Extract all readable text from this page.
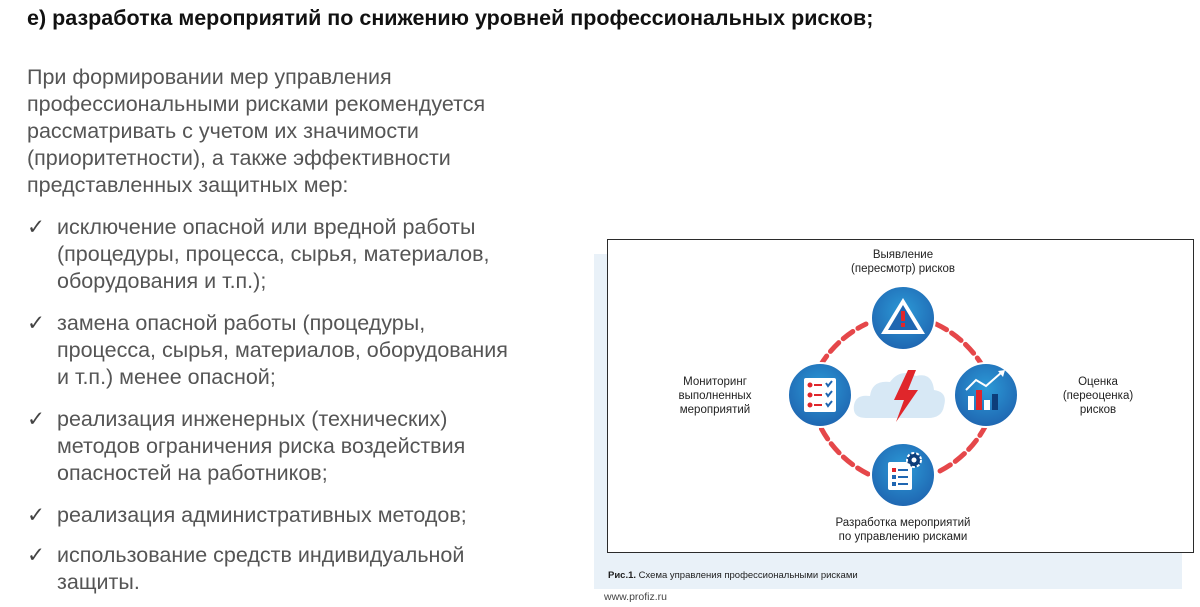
е) разработка мероприятий по снижению уровней профессиональных рисков;
При формировании мер управления
профессиональными рисками рекомендуется
рассматривать с учетом их значимости
(приоритетности), а также эффективности
представленных защитных мер:
✓ исключение опасной или вредной работы
(процедуры, процесса, сырья, материалов,
оборудования и т.п.);
✓ замена опасной работы (процедуры,
процесса, сырья, материалов, оборудования
и т.п.) менее опасной;
✓ реализация инженерных (технических)
методов ограничения риска воздействия
опасностей на работников;
✓ реализация административных методов;
✓ использование средств индивидуальной
защиты.
Выявление
(пересмотр) рисков
Мониторинг
выполненных
мероприятий
Оценка
(переоценка)
рисков
Разработка мероприятий
по управлению рисками
Рис.1. Схема управления профессиональными рисками
www.profiz.ru
